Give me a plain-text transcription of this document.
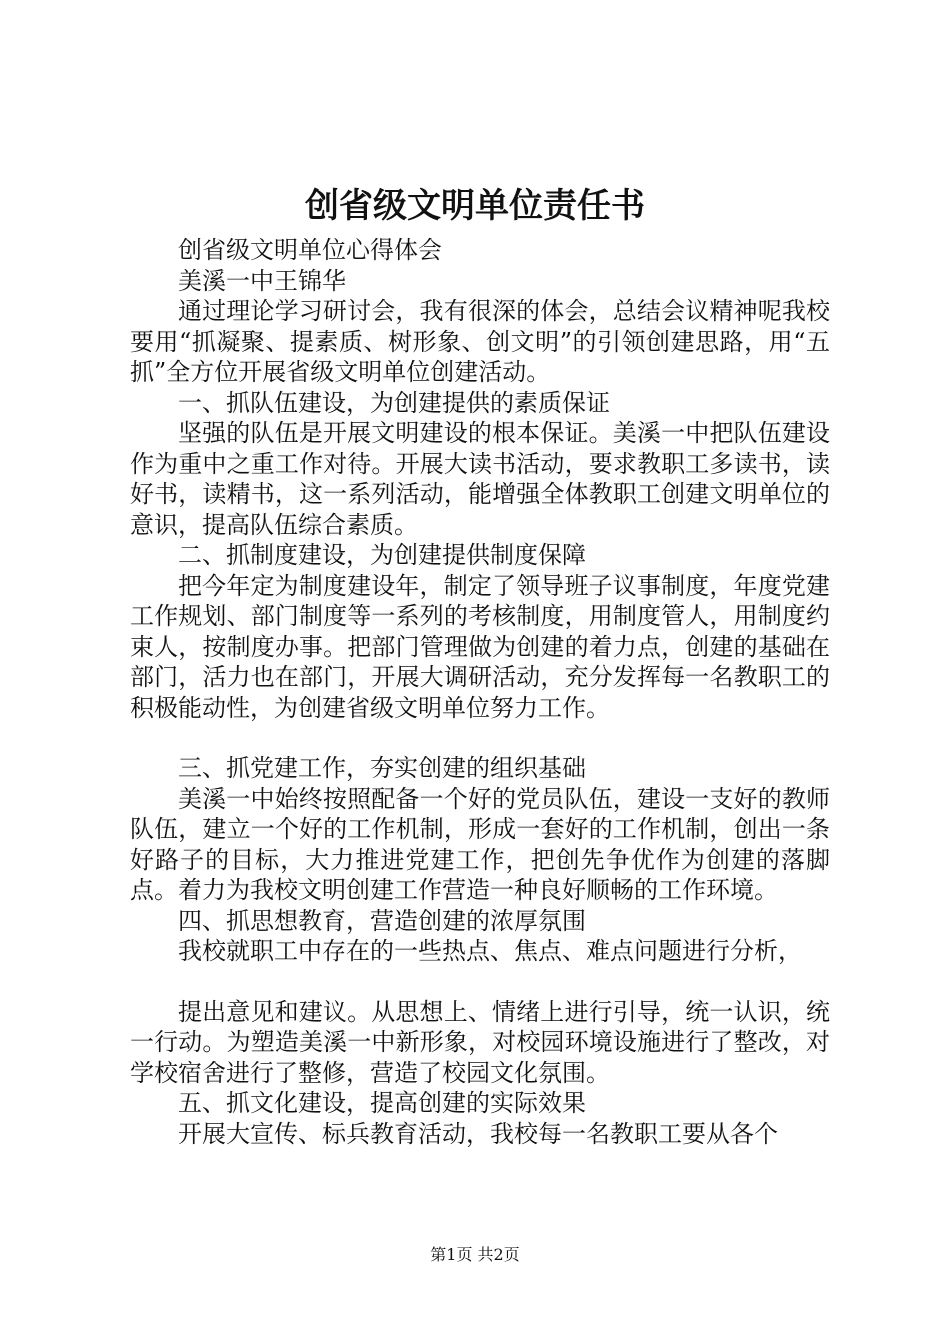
创省级文明单位责任书

创省级文明单位心得体会

美溪一中王锦华

通过理论学习研讨会，我有很深的体会，总结会议精神呢我校要用“抓凝聚、提素质、树形象、创文明”的引领创建思路，用“五抓”全方位开展省级文明单位创建活动。

一、抓队伍建设，为创建提供的素质保证

坚强的队伍是开展文明建设的根本保证。美溪一中把队伍建设作为重中之重工作对待。开展大读书活动，要求教职工多读书，读好书，读精书，这一系列活动，能增强全体教职工创建文明单位的意识，提高队伍综合素质。

二、抓制度建设，为创建提供制度保障

把今年定为制度建设年，制定了领导班子议事制度，年度党建工作规划、部门制度等一系列的考核制度，用制度管人，用制度约束人，按制度办事。把部门管理做为创建的着力点，创建的基础在部门，活力也在部门，开展大调研活动，充分发挥每一名教职工的积极能动性，为创建省级文明单位努力工作。

三、抓党建工作，夯实创建的组织基础

美溪一中始终按照配备一个好的党员队伍，建设一支好的教师队伍，建立一个好的工作机制，形成一套好的工作机制，创出一条好路子的目标，大力推进党建工作，把创先争优作为创建的落脚点。着力为我校文明创建工作营造一种良好顺畅的工作环境。

四、抓思想教育，营造创建的浓厚氛围

我校就职工中存在的一些热点、焦点、难点问题进行分析，

提出意见和建议。从思想上、情绪上进行引导，统一认识，统一行动。为塑造美溪一中新形象，对校园环境设施进行了整改，对学校宿舍进行了整修，营造了校园文化氛围。

五、抓文化建设，提高创建的实际效果

开展大宣传、标兵教育活动，我校每一名教职工要从各个

第1页 共2页
